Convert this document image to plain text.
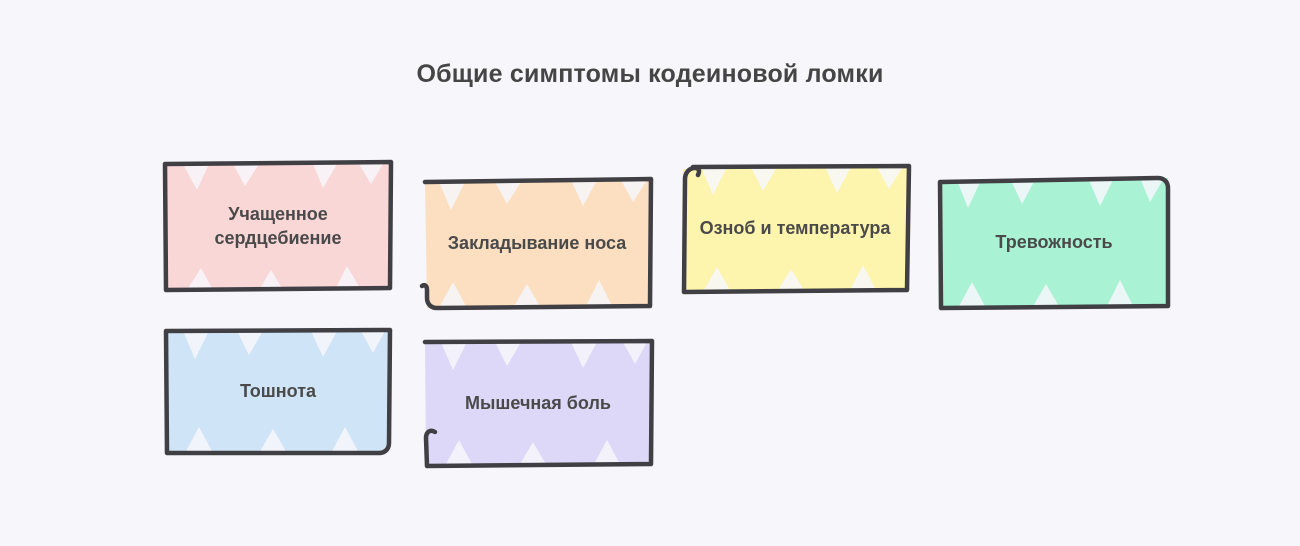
Общие симптомы кодеиновой ломки
Учащенное сердцебиение	Закладывание носа
Озноб и температура
Тревожность
Тошнота
Мышечная боль
